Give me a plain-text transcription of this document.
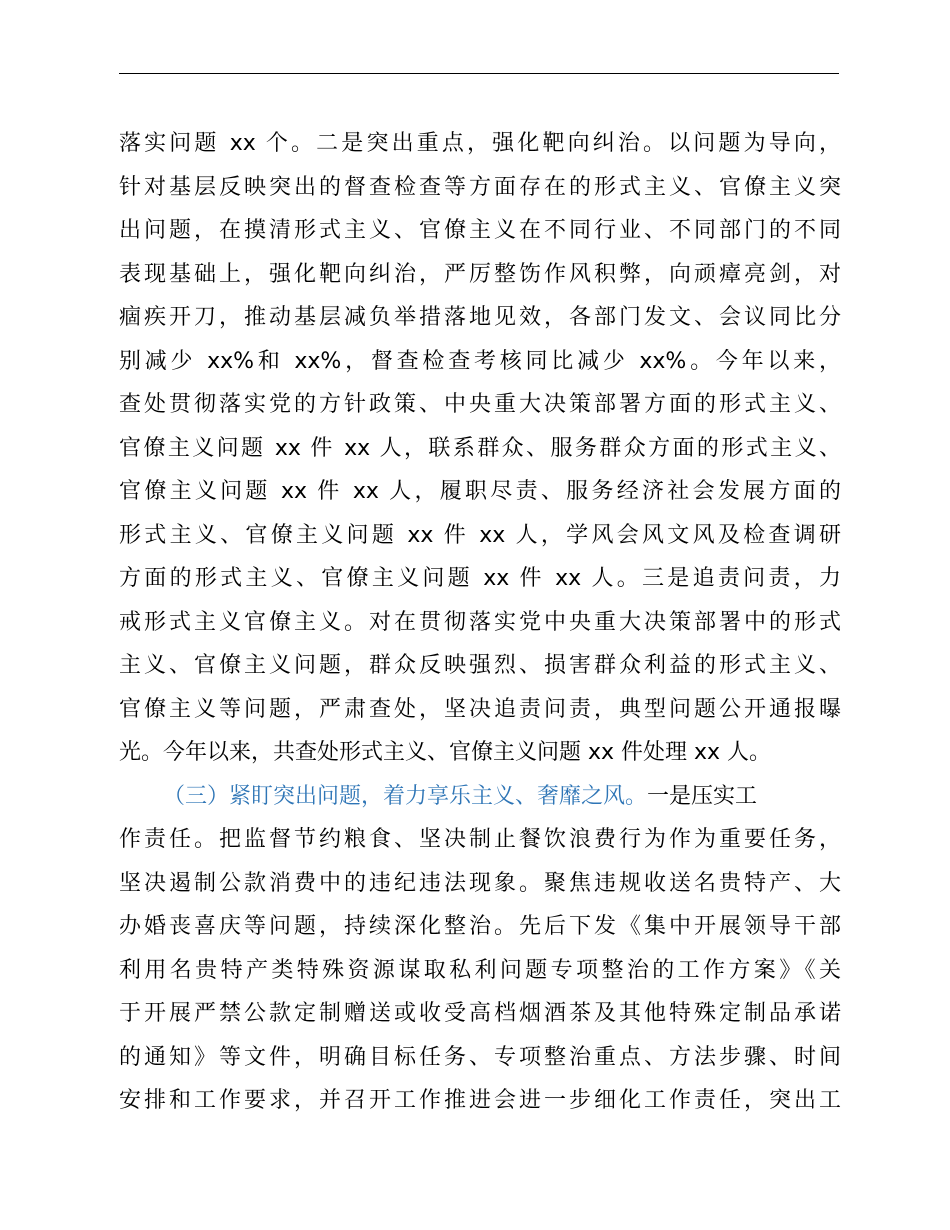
落实问题 xx 个。二是突出重点，强化靶向纠治。以问题为导向，
针对基层反映突出的督查检查等方面存在的形式主义、官僚主义突
出问题，在摸清形式主义、官僚主义在不同行业、不同部门的不同
表现基础上，强化靶向纠治，严厉整饬作风积弊，向顽瘴亮剑，对
痼疾开刀，推动基层减负举措落地见效，各部门发文、会议同比分
别减少 xx%和 xx%，督查检查考核同比减少 xx%。今年以来，
查处贯彻落实党的方针政策、中央重大决策部署方面的形式主义、
官僚主义问题 xx 件 xx 人，联系群众、服务群众方面的形式主义、
官僚主义问题 xx 件 xx 人，履职尽责、服务经济社会发展方面的
形式主义、官僚主义问题 xx 件 xx 人，学风会风文风及检查调研
方面的形式主义、官僚主义问题 xx 件 xx 人。三是追责问责，力
戒形式主义官僚主义。对在贯彻落实党中央重大决策部署中的形式
主义、官僚主义问题，群众反映强烈、损害群众利益的形式主义、
官僚主义等问题，严肃查处，坚决追责问责，典型问题公开通报曝
光。今年以来，共查处形式主义、官僚主义问题 xx 件处理 xx 人。
（三）紧盯突出问题，着力享乐主义、奢靡之风。一是压实工
作责任。把监督节约粮食、坚决制止餐饮浪费行为作为重要任务，
坚决遏制公款消费中的违纪违法现象。聚焦违规收送名贵特产、大
办婚丧喜庆等问题，持续深化整治。先后下发《集中开展领导干部
利用名贵特产类特殊资源谋取私利问题专项整治的工作方案》《关
于开展严禁公款定制赠送或收受高档烟酒茶及其他特殊定制品承诺
的通知》等文件，明确目标任务、专项整治重点、方法步骤、时间
安排和工作要求，并召开工作推进会进一步细化工作责任，突出工
